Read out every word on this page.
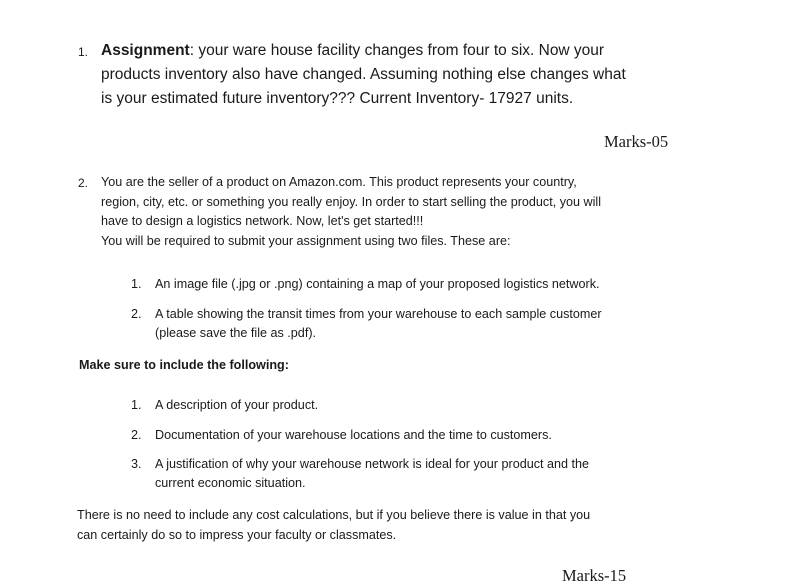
1. Assignment: your ware house facility changes from four to six. Now your
products inventory also have changed. Assuming nothing else changes what
is your estimated future inventory??? Current Inventory- 17927 units.
Marks-05
2. You are the seller of a product on Amazon.com. This product represents your country,
region, city, etc. or something you really enjoy. In order to start selling the product, you will
have to design a logistics network. Now, let's get started!!!
You will be required to submit your assignment using two files. These are:
1. An image file (.jpg or .png) containing a map of your proposed logistics network.
2. A table showing the transit times from your warehouse to each sample customer
(please save the file as .pdf).
Make sure to include the following:
1. A description of your product.
2. Documentation of your warehouse locations and the time to customers.
3. A justification of why your warehouse network is ideal for your product and the
current economic situation.
There is no need to include any cost calculations, but if you believe there is value in that you
can certainly do so to impress your faculty or classmates.
Marks-15
